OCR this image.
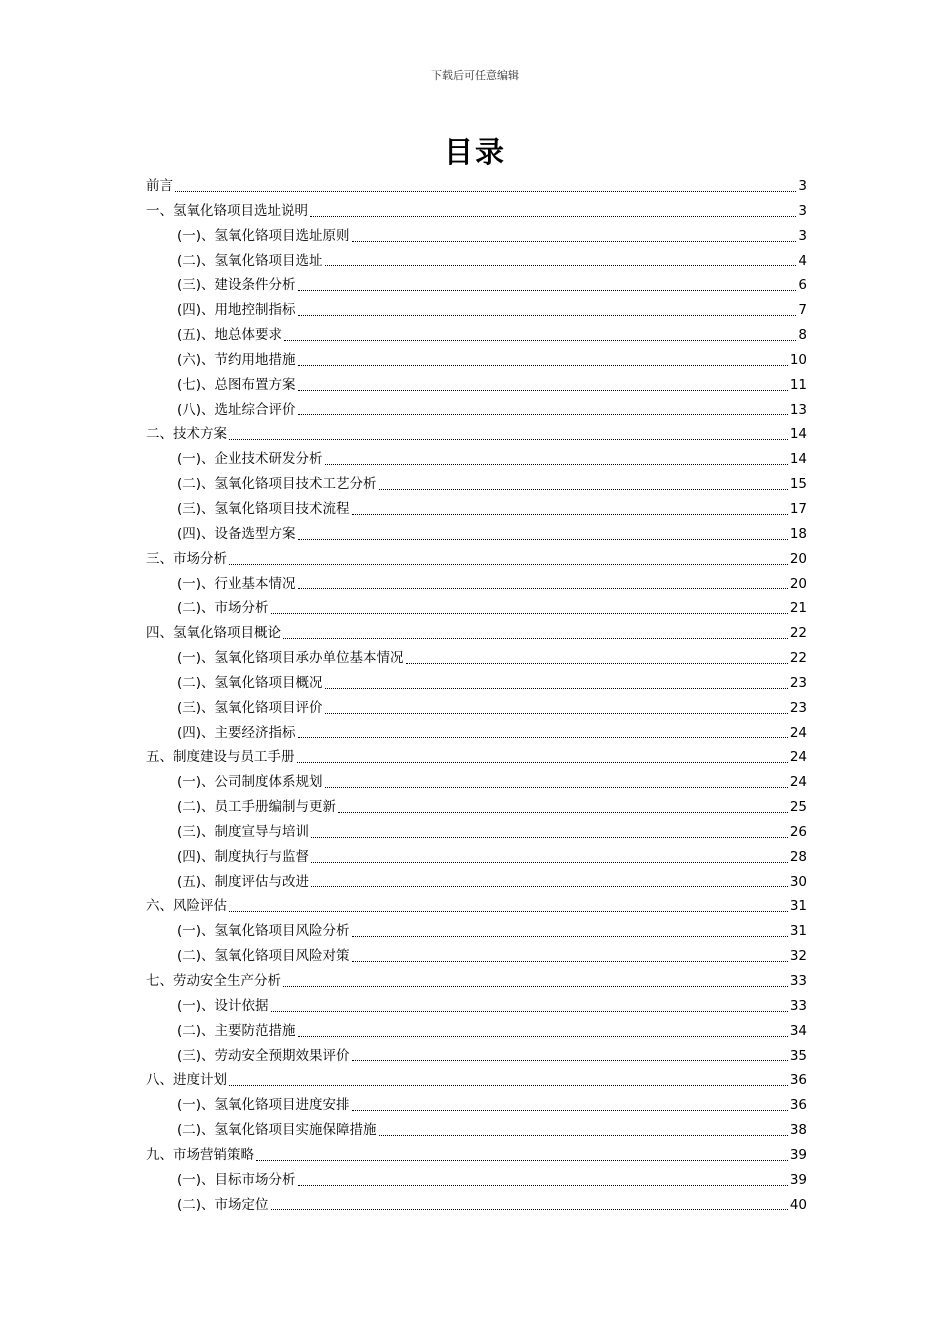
下载后可任意编辑
目录
前言	3
一、氢氧化铬项目选址说明	3
(一)、氢氧化铬项目选址原则	3
(二)、氢氧化铬项目选址	4
(三)、建设条件分析	6
(四)、用地控制指标	7
(五)、地总体要求	8
(六)、节约用地措施	10
(七)、总图布置方案	11
(八)、选址综合评价	13
二、技术方案	14
(一)、企业技术研发分析	14
(二)、氢氧化铬项目技术工艺分析	15
(三)、氢氧化铬项目技术流程	17
(四)、设备选型方案	18
三、市场分析	20
(一)、行业基本情况	20
(二)、市场分析	21
四、氢氧化铬项目概论	22
(一)、氢氧化铬项目承办单位基本情况	22
(二)、氢氧化铬项目概况	23
(三)、氢氧化铬项目评价	23
(四)、主要经济指标	24
五、制度建设与员工手册	24
(一)、公司制度体系规划	24
(二)、员工手册编制与更新	25
(三)、制度宣导与培训	26
(四)、制度执行与监督	28
(五)、制度评估与改进	30
六、风险评估	31
(一)、氢氧化铬项目风险分析	31
(二)、氢氧化铬项目风险对策	32
七、劳动安全生产分析	33
(一)、设计依据	33
(二)、主要防范措施	34
(三)、劳动安全预期效果评价	35
八、进度计划	36
(一)、氢氧化铬项目进度安排	36
(二)、氢氧化铬项目实施保障措施	38
九、市场营销策略	39
(一)、目标市场分析	39
(二)、市场定位	40
